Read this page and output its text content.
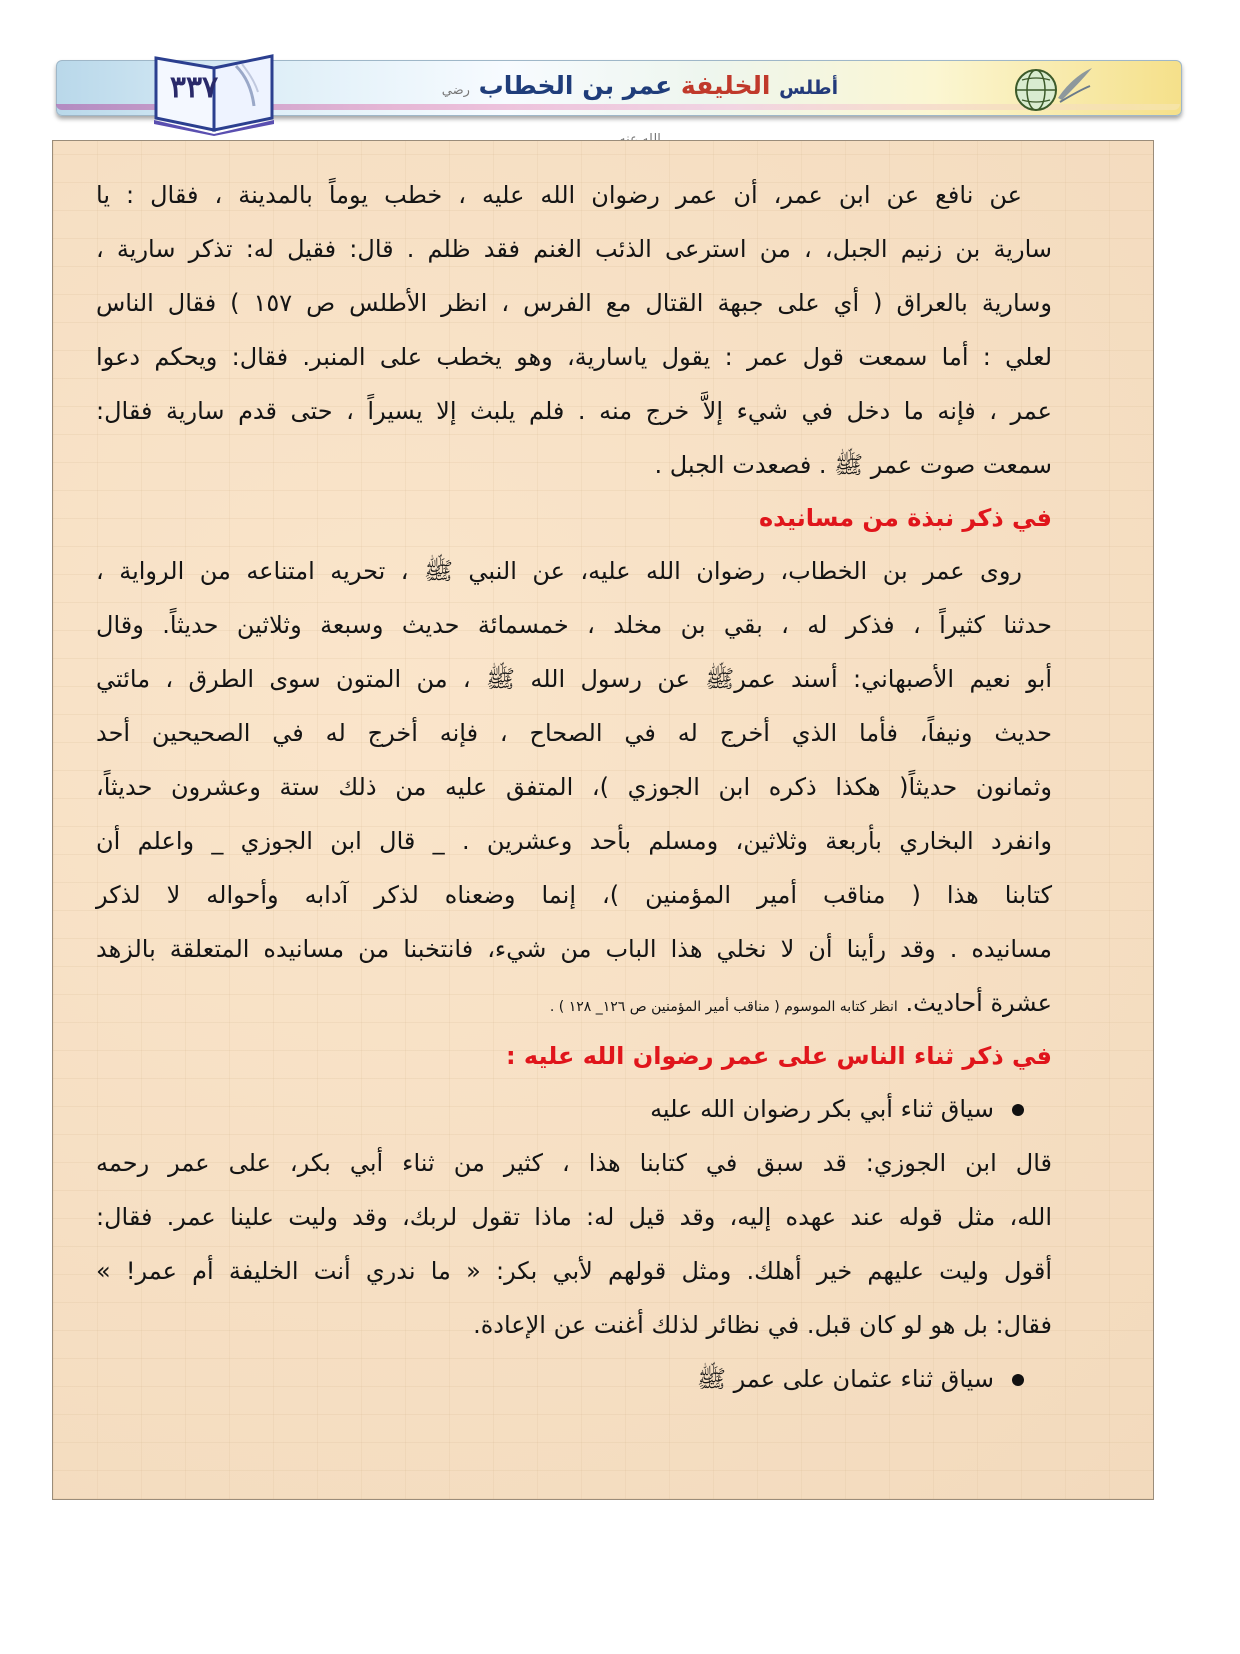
٣٣٧	أطلس الخليفة عمر بن الخطاب رضي
عن نافع عن ابن عمر، أن عمر رضوان الله عليه ، خطب يوماً بالمدينة ، فقال : يا
سارية بن زنيم الجبل، ، من استرعى الذئب الغنم فقد ظلم . قال: فقيل له: تذكر سارية ،
وسارية بالعراق ( أي على جبهة القتال مع الفرس ، انظر الأطلس ص ١٥٧ ) فقال الناس
لعلي : أما سمعت قول عمر : يقول ياسارية، وهو يخطب على المنبر. فقال: ويحكم دعوا
عمر ، فإنه ما دخل في شيء إلاَّ خرج منه . فلم يلبث إلا يسيراً ، حتى قدم سارية فقال:
سمعت صوت عمر ﷺ . فصعدت الجبل .
في ذكر نبذة من مسانيده
روى عمر بن الخطاب، رضوان الله عليه، عن النبي ﷺ ، تحريه امتناعه من الرواية ،
حدثنا كثيراً ، فذكر له ، بقي بن مخلد ، خمسمائة حديث وسبعة وثلاثين حديثاً. وقال
أبو نعيم الأصبهاني: أسند عمرﷺ عن رسول الله ﷺ ، من المتون سوى الطرق ، مائتي
حديث ونيفاً، فأما الذي أخرج له في الصحاح ، فإنه أخرج له في الصحيحين أحد
وثمانون حديثاً( هكذا ذكره ابن الجوزي )، المتفق عليه من ذلك ستة وعشرون حديثاً،
وانفرد البخاري بأربعة وثلاثين، ومسلم بأحد وعشرين . _ قال ابن الجوزي _ واعلم أن
كتابنا هذا ( مناقب أمير المؤمنين )، إنما وضعناه لذكر آدابه وأحواله لا لذكر
مسانيده . وقد رأينا أن لا نخلي هذا الباب من شيء، فانتخبنا من مسانيده المتعلقة بالزهد
عشرة أحاديث. انظر كتابه الموسوم ( مناقب أمير المؤمنين ص ١٢٦_ ١٢٨ ) .
في ذكر ثناء الناس على عمر رضوان الله عليه :
سياق ثناء أبي بكر رضوان الله عليه
قال ابن الجوزي: قد سبق في كتابنا هذا ، كثير من ثناء أبي بكر، على عمر رحمه
الله، مثل قوله عند عهده إليه، وقد قيل له: ماذا تقول لربك، وقد وليت علينا عمر. فقال:
أقول وليت عليهم خير أهلك. ومثل قولهم لأبي بكر: « ما ندري أنت الخليفة أم عمر! »
فقال: بل هو لو كان قبل. في نظائر لذلك أغنت عن الإعادة.
سياق ثناء عثمان على عمر ﷺ
